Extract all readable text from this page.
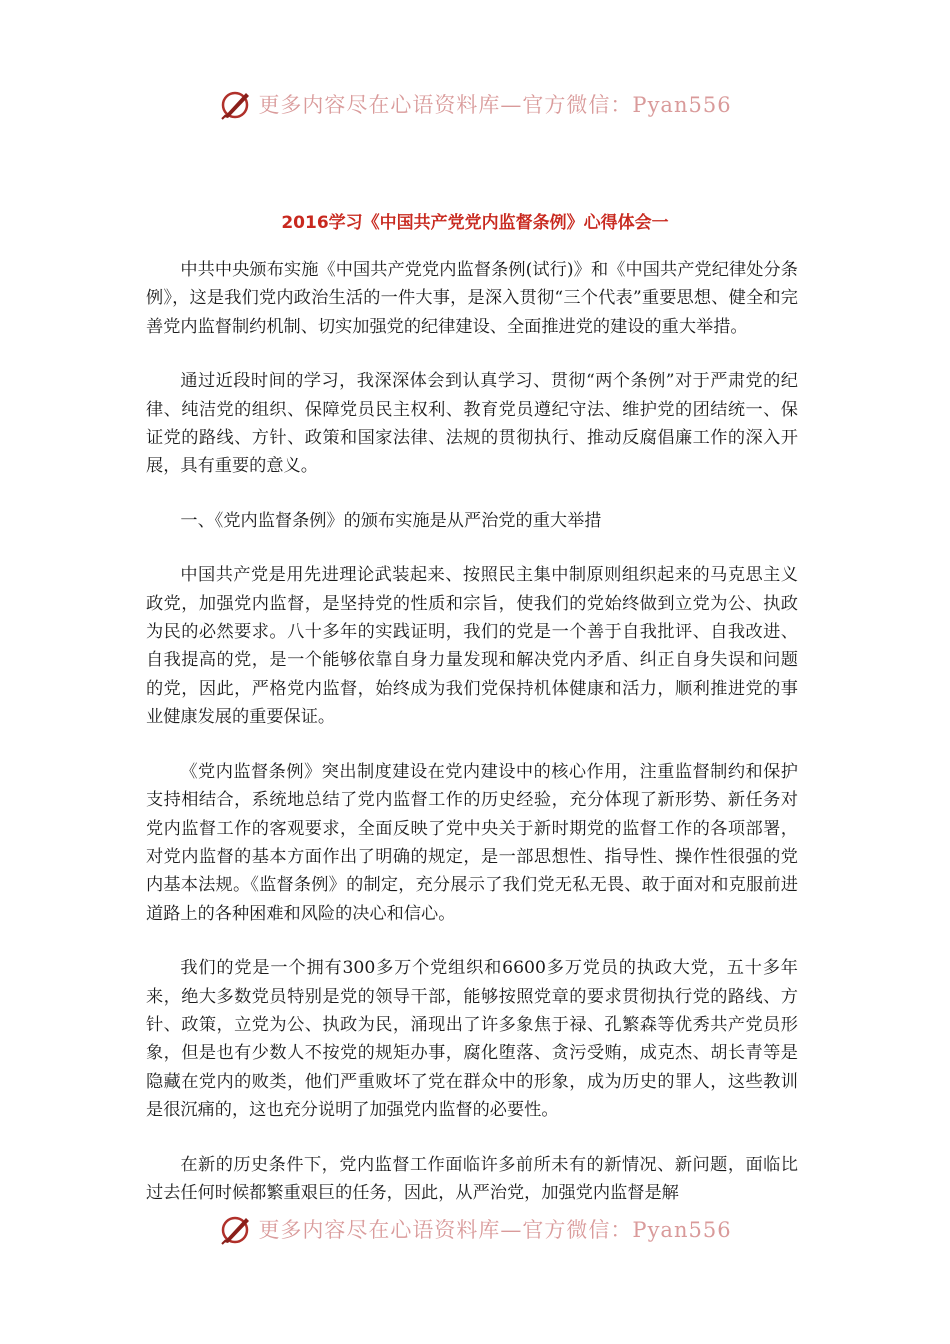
更多内容尽在心语资料库—官方微信：Pyan556
2016学习《中国共产党党内监督条例》心得体会一

中共中央颁布实施《中国共产党党内监督条例(试行)》和《中国共产党纪律处分条例》，这是我们党内政治生活的一件大事，是深入贯彻“三个代表”重要思想、健全和完善党内监督制约机制、切实加强党的纪律建设、全面推进党的建设的重大举措。

通过近段时间的学习，我深深体会到认真学习、贯彻“两个条例”对于严肃党的纪律、纯洁党的组织、保障党员民主权利、教育党员遵纪守法、维护党的团结统一、保证党的路线、方针、政策和国家法律、法规的贯彻执行、推动反腐倡廉工作的深入开展，具有重要的意义。

一、《党内监督条例》的颁布实施是从严治党的重大举措

中国共产党是用先进理论武装起来、按照民主集中制原则组织起来的马克思主义政党，加强党内监督，是坚持党的性质和宗旨，使我们的党始终做到立党为公、执政为民的必然要求。八十多年的实践证明，我们的党是一个善于自我批评、自我改进、自我提高的党，是一个能够依靠自身力量发现和解决党内矛盾、纠正自身失误和问题的党，因此，严格党内监督，始终成为我们党保持机体健康和活力，顺利推进党的事业健康发展的重要保证。

《党内监督条例》突出制度建设在党内建设中的核心作用，注重监督制约和保护支持相结合，系统地总结了党内监督工作的历史经验，充分体现了新形势、新任务对党内监督工作的客观要求，全面反映了党中央关于新时期党的监督工作的各项部署，对党内监督的基本方面作出了明确的规定，是一部思想性、指导性、操作性很强的党内基本法规。《监督条例》的制定，充分展示了我们党无私无畏、敢于面对和克服前进道路上的各种困难和风险的决心和信心。

我们的党是一个拥有300多万个党组织和6600多万党员的执政大党，五十多年来，绝大多数党员特别是党的领导干部，能够按照党章的要求贯彻执行党的路线、方针、政策，立党为公、执政为民，涌现出了许多象焦于禄、孔繁森等优秀共产党员形象，但是也有少数人不按党的规矩办事，腐化堕落、贪污受贿，成克杰、胡长青等是隐藏在党内的败类，他们严重败坏了党在群众中的形象，成为历史的罪人，这些教训是很沉痛的，这也充分说明了加强党内监督的必要性。

在新的历史条件下，党内监督工作面临许多前所未有的新情况、新问题，面临比过去任何时候都繁重艰巨的任务，因此，从严治党，加强党内监督是解

更多内容尽在心语资料库—官方微信：Pyan556
